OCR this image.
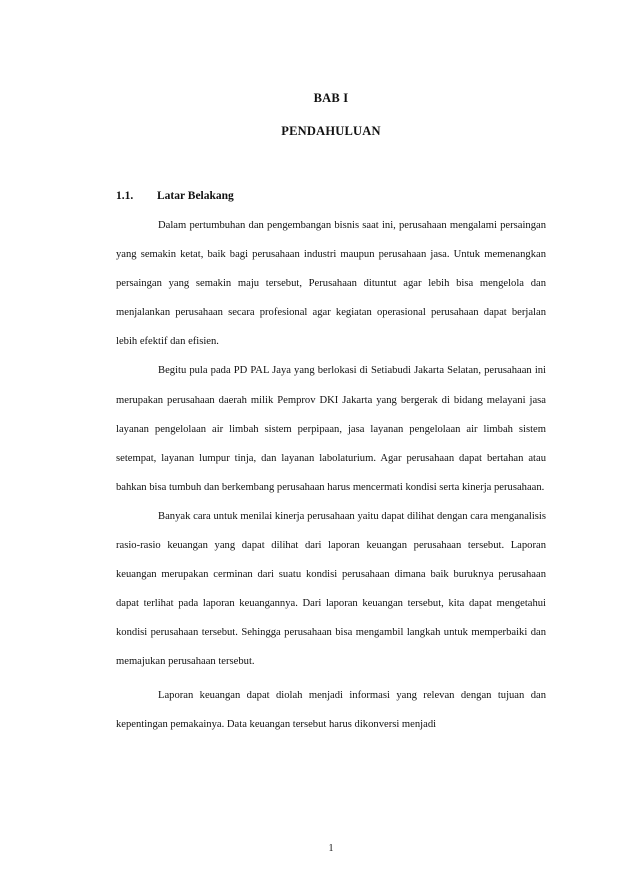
BAB I
PENDAHULUAN
1.1. Latar Belakang

Dalam pertumbuhan dan pengembangan bisnis saat ini, perusahaan mengalami persaingan yang semakin ketat, baik bagi perusahaan industri maupun perusahaan jasa. Untuk memenangkan persaingan yang semakin maju tersebut, Perusahaan dituntut agar lebih bisa mengelola dan menjalankan perusahaan secara profesional agar kegiatan operasional perusahaan dapat berjalan lebih efektif dan efisien.

Begitu pula pada PD PAL Jaya yang berlokasi di Setiabudi Jakarta Selatan, perusahaan ini merupakan perusahaan daerah milik Pemprov DKI Jakarta yang bergerak di bidang melayani jasa layanan pengelolaan air limbah sistem perpipaan, jasa layanan pengelolaan air limbah sistem setempat, layanan lumpur tinja, dan layanan labolaturium. Agar perusahaan dapat bertahan atau bahkan bisa tumbuh dan berkembang perusahaan harus mencermati kondisi serta kinerja perusahaan.

Banyak cara untuk menilai kinerja perusahaan yaitu dapat dilihat dengan cara menganalisis rasio-rasio keuangan yang dapat dilihat dari laporan keuangan perusahaan tersebut. Laporan keuangan merupakan cerminan dari suatu kondisi perusahaan dimana baik buruknya perusahaan dapat terlihat pada laporan keuangannya. Dari laporan keuangan tersebut, kita dapat mengetahui kondisi perusahaan tersebut. Sehingga perusahaan bisa mengambil langkah untuk memperbaiki dan memajukan perusahaan tersebut.

Laporan keuangan dapat diolah menjadi informasi yang relevan dengan tujuan dan kepentingan pemakainya. Data keuangan tersebut harus dikonversi menjadi

1
